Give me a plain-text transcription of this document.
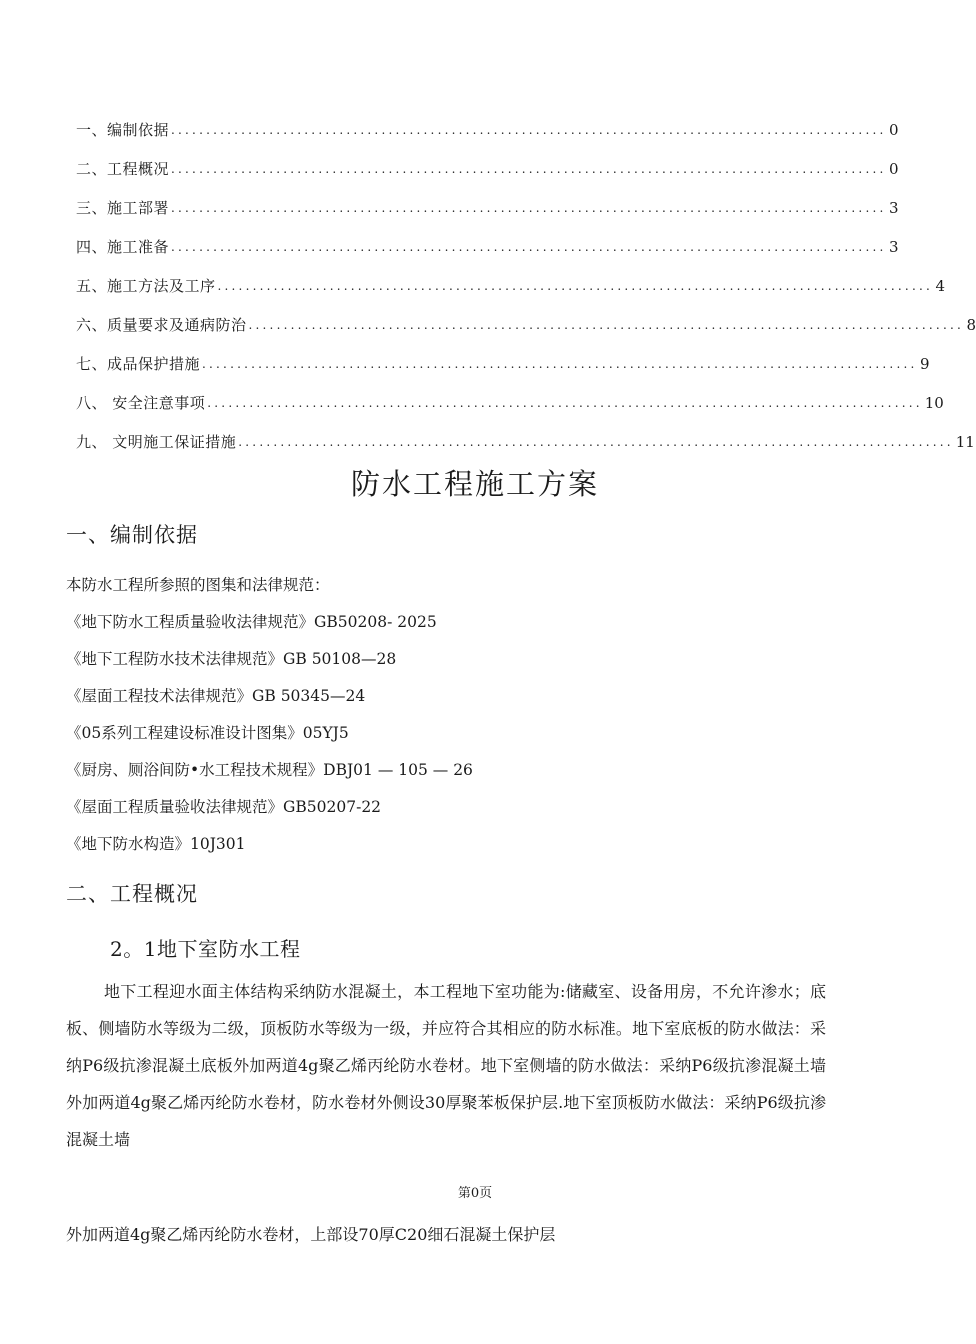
一、编制依据 ...................................................................................................... 0
二、工程概况 ...................................................................................................... 0
三、施工部署 ...................................................................................................... 3
四、施工准备 ...................................................................................................... 3
五、施工方法及工序 ...................................................................................................... 4
六、质量要求及通病防治 ...................................................................................................... 8
七、成品保护措施 ...................................................................................................... 9
八、 安全注意事项 ...................................................................................................... 10
九、 文明施工保证措施 ...................................................................................................... 11
防水工程施工方案
一、编制依据
本防水工程所参照的图集和法律规范：
《地下防水工程质量验收法律规范》GB50208- 2025
《地下工程防水技术法律规范》GB 50108—28
《屋面工程技术法律规范》GB 50345—24
《05系列工程建设标准设计图集》05YJ5
《厨房、厕浴间防•水工程技术规程》DBJ01 — 105 — 26
《屋面工程质量验收法律规范》GB50207-22
《地下防水构造》10J301
二、工程概况
2。1地下室防水工程
地下工程迎水面主体结构采纳防水混凝土，本工程地下室功能为:储藏室、设备用房，不允许渗水；底板、侧墙防水等级为二级，顶板防水等级为一级，并应符合其相应的防水标准。地下室底板的防水做法：采纳P6级抗渗混凝土底板外加两道4g聚乙烯丙纶防水卷材。地下室侧墙的防水做法：采纳P6级抗渗混凝土墙外加两道4g聚乙烯丙纶防水卷材，防水卷材外侧设30厚聚苯板保护层.地下室顶板防水做法：采纳P6级抗渗混凝土墙
第0页
外加两道4g聚乙烯丙纶防水卷材，上部设70厚C20细石混凝土保护层
